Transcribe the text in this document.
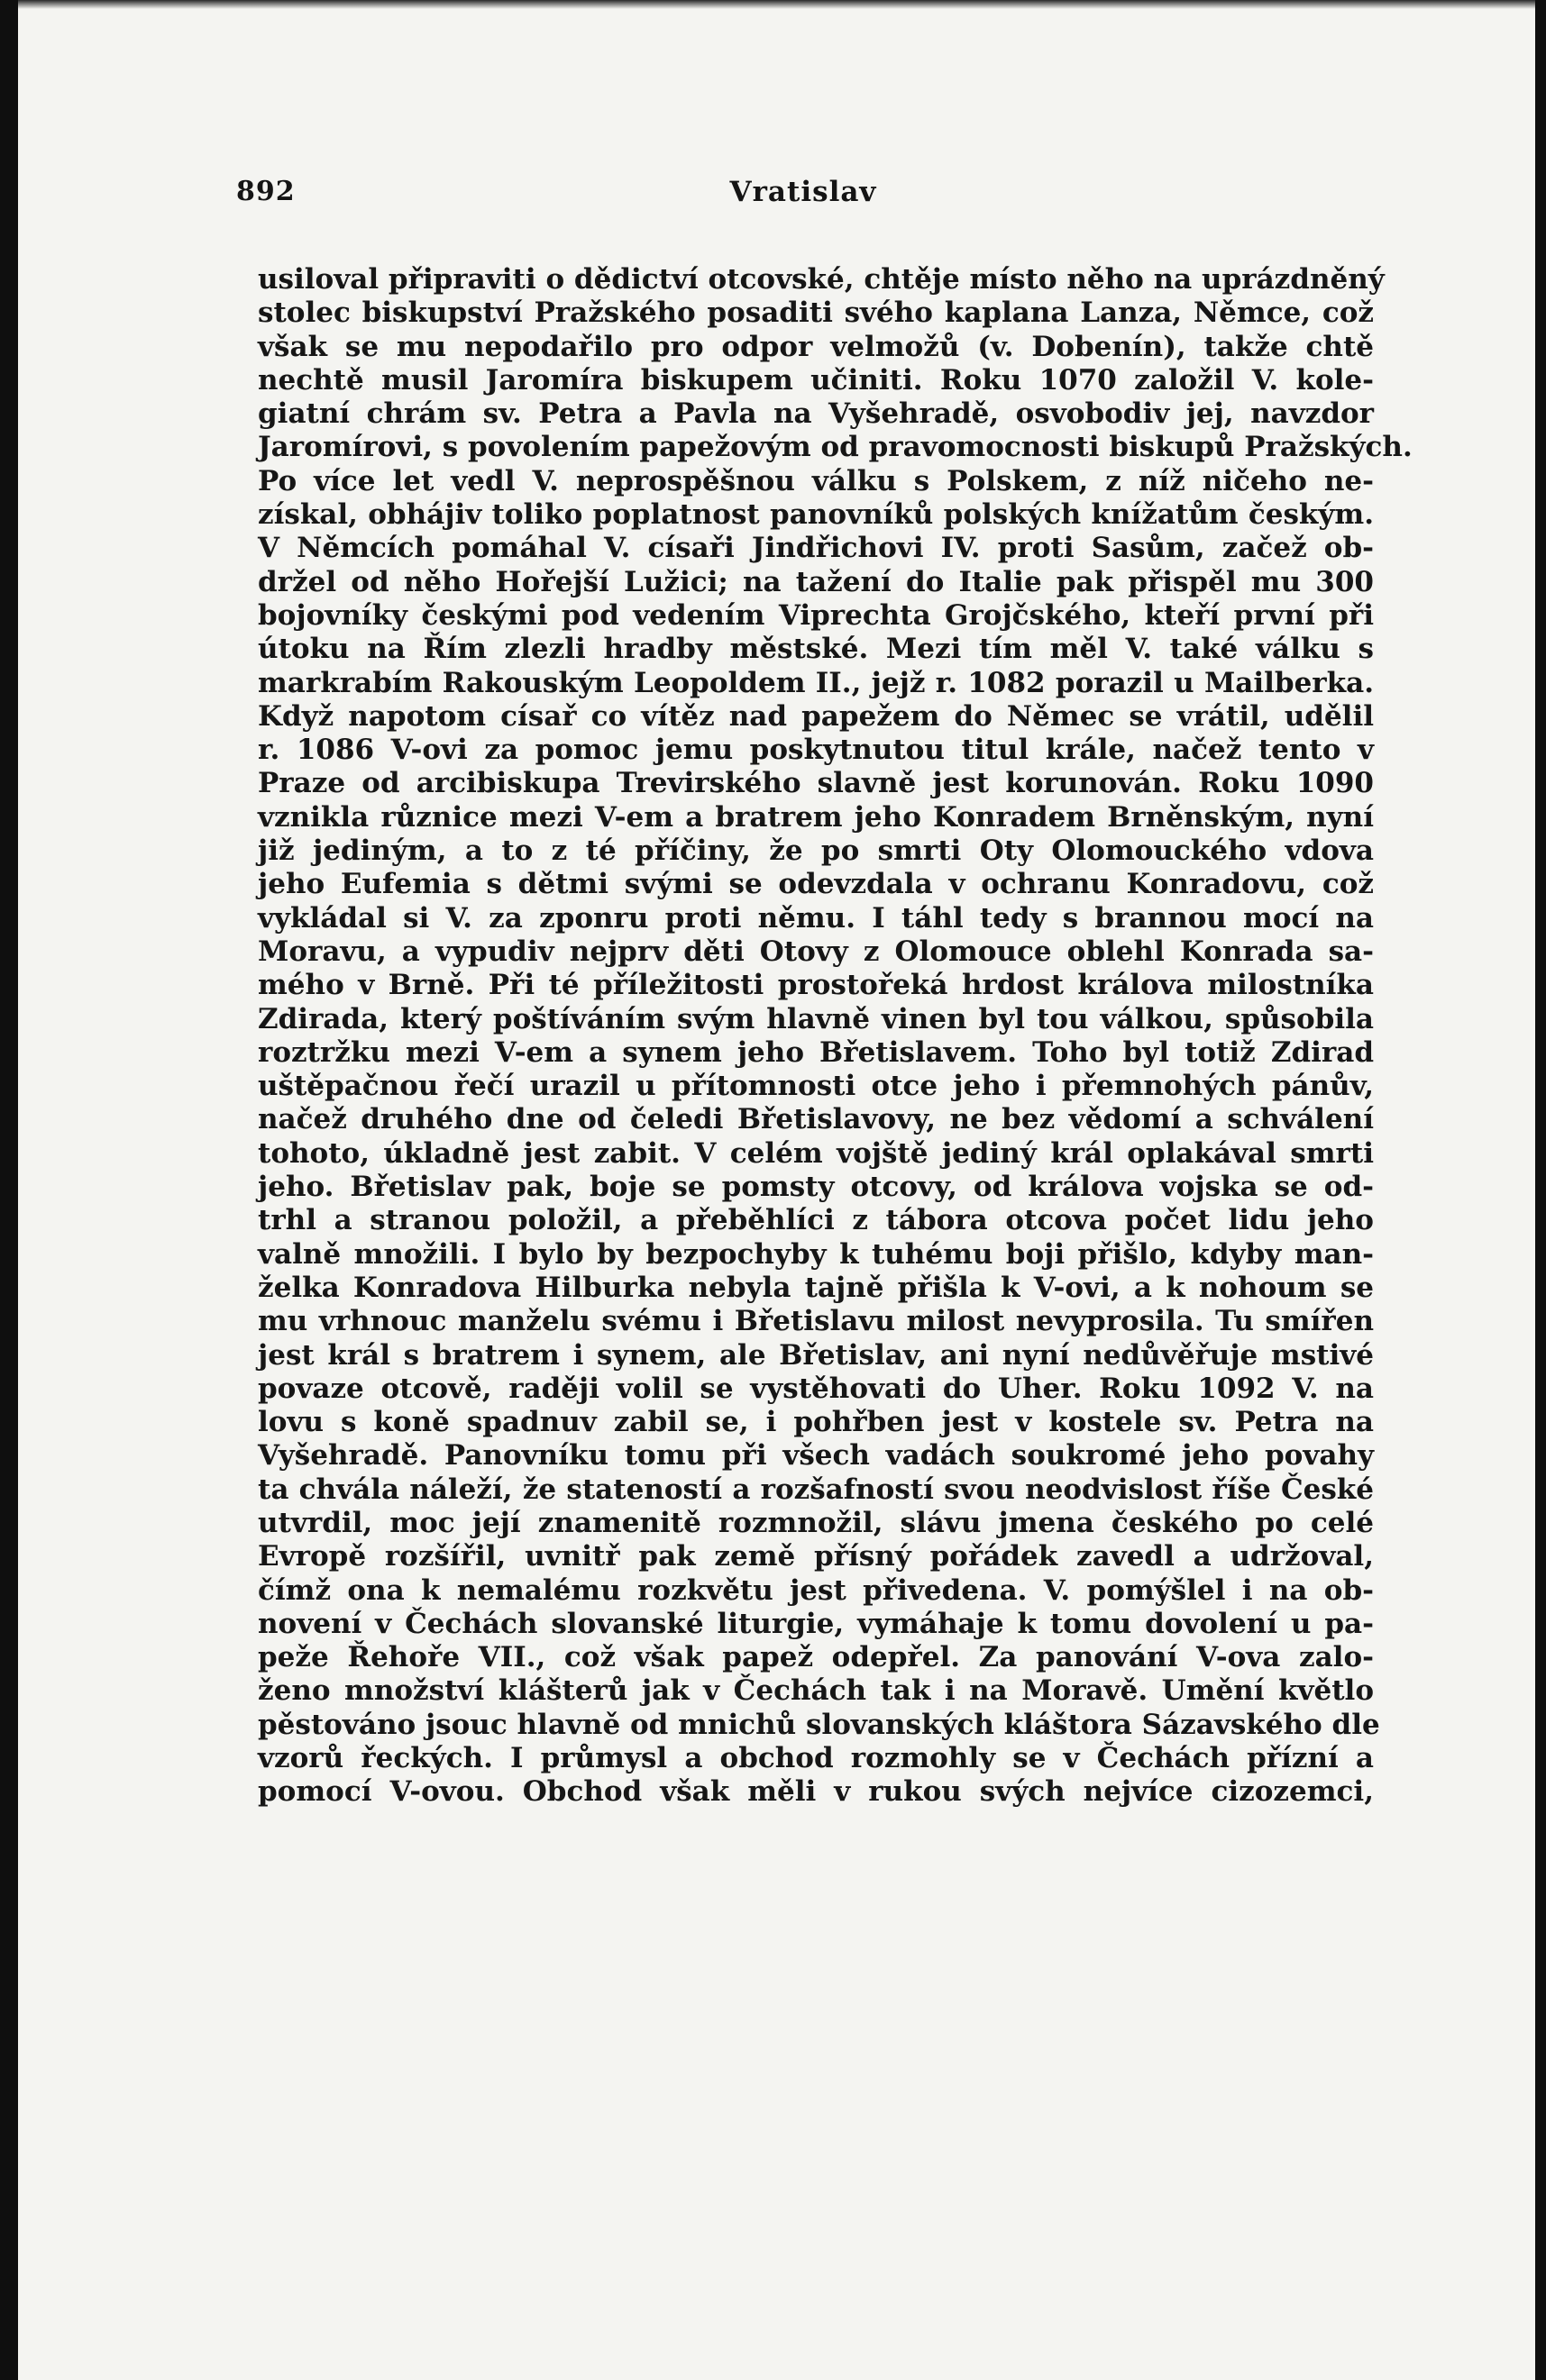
892	Vratislav
usiloval připraviti o dědictví otcovské, chtěje místo něho na uprázdněný
stolec biskupství Pražského posaditi svého kaplana Lanza, Němce, což
však se mu nepodařilo pro odpor velmožů (v. Dobenín), takže chtě
nechtě musil Jaromíra biskupem učiniti. Roku 1070 založil V. kole-
giatní chrám sv. Petra a Pavla na Vyšehradě, osvobodiv jej, navzdor
Jaromírovi, s povolením papežovým od pravomocnosti biskupů Pražských.
Po více let vedl V. neprospěšnou válku s Polskem, z níž ničeho ne-
získal, obhájiv toliko poplatnost panovníků polských knížatům českým.
V Němcích pomáhal V. císaři Jindřichovi IV. proti Sasům, začež ob-
držel od něho Hořejší Lužici; na tažení do Italie pak přispěl mu 300
bojovníky českými pod vedením Viprechta Grojčského, kteří první při
útoku na Řím zlezli hradby městské. Mezi tím měl V. také válku s
markrabím Rakouským Leopoldem II., jejž r. 1082 porazil u Mailberka.
Když napotom císař co vítěz nad papežem do Němec se vrátil, udělil
r. 1086 V-ovi za pomoc jemu poskytnutou titul krále, načež tento v
Praze od arcibiskupa Trevirského slavně jest korunován. Roku 1090
vznikla různice mezi V-em a bratrem jeho Konradem Brněnským, nyní
již jediným, a to z té příčiny, že po smrti Oty Olomouckého vdova
jeho Eufemia s dětmi svými se odevzdala v ochranu Konradovu, což
vykládal si V. za zponru proti němu. I táhl tedy s brannou mocí na
Moravu, a vypudiv nejprv děti Otovy z Olomouce oblehl Konrada sa-
mého v Brně. Při té příležitosti prostořeká hrdost králova milostníka
Zdirada, který poštíváním svým hlavně vinen byl tou válkou, spůsobila
roztržku mezi V-em a synem jeho Břetislavem. Toho byl totiž Zdirad
uštěpačnou řečí urazil u přítomnosti otce jeho i přemnohých pánův,
načež druhého dne od čeledi Břetislavovy, ne bez vědomí a schválení
tohoto, úkladně jest zabit. V celém vojště jediný král oplakával smrti
jeho. Břetislav pak, boje se pomsty otcovy, od králova vojska se od-
trhl a stranou položil, a přeběhlíci z tábora otcova počet lidu jeho
valně množili. I bylo by bezpochyby k tuhému boji přišlo, kdyby man-
želka Konradova Hilburka nebyla tajně přišla k V-ovi, a k nohoum se
mu vrhnouc manželu svému i Břetislavu milost nevyprosila. Tu smířen
jest král s bratrem i synem, ale Břetislav, ani nyní nedůvěřuje mstivé
povaze otcově, raději volil se vystěhovati do Uher. Roku 1092 V. na
lovu s koně spadnuv zabil se, i pohřben jest v kostele sv. Petra na
Vyšehradě. Panovníku tomu při všech vadách soukromé jeho povahy
ta chvála náleží, že stateností a rozšafností svou neodvislost říše České
utvrdil, moc její znamenitě rozmnožil, slávu jmena českého po celé
Evropě rozšířil, uvnitř pak země přísný pořádek zavedl a udržoval,
čímž ona k nemalému rozkvětu jest přivedena. V. pomýšlel i na ob-
novení v Čechách slovanské liturgie, vymáhaje k tomu dovolení u pa-
peže Řehoře VII., což však papež odepřel. Za panování V-ova zalo-
ženo množství klášterů jak v Čechách tak i na Moravě. Umění květlo
pěstováno jsouc hlavně od mnichů slovanských kláštora Sázavského dle
vzorů řeckých. I průmysl a obchod rozmohly se v Čechách přízní a
pomocí V-ovou. Obchod však měli v rukou svých nejvíce cizozemci,
